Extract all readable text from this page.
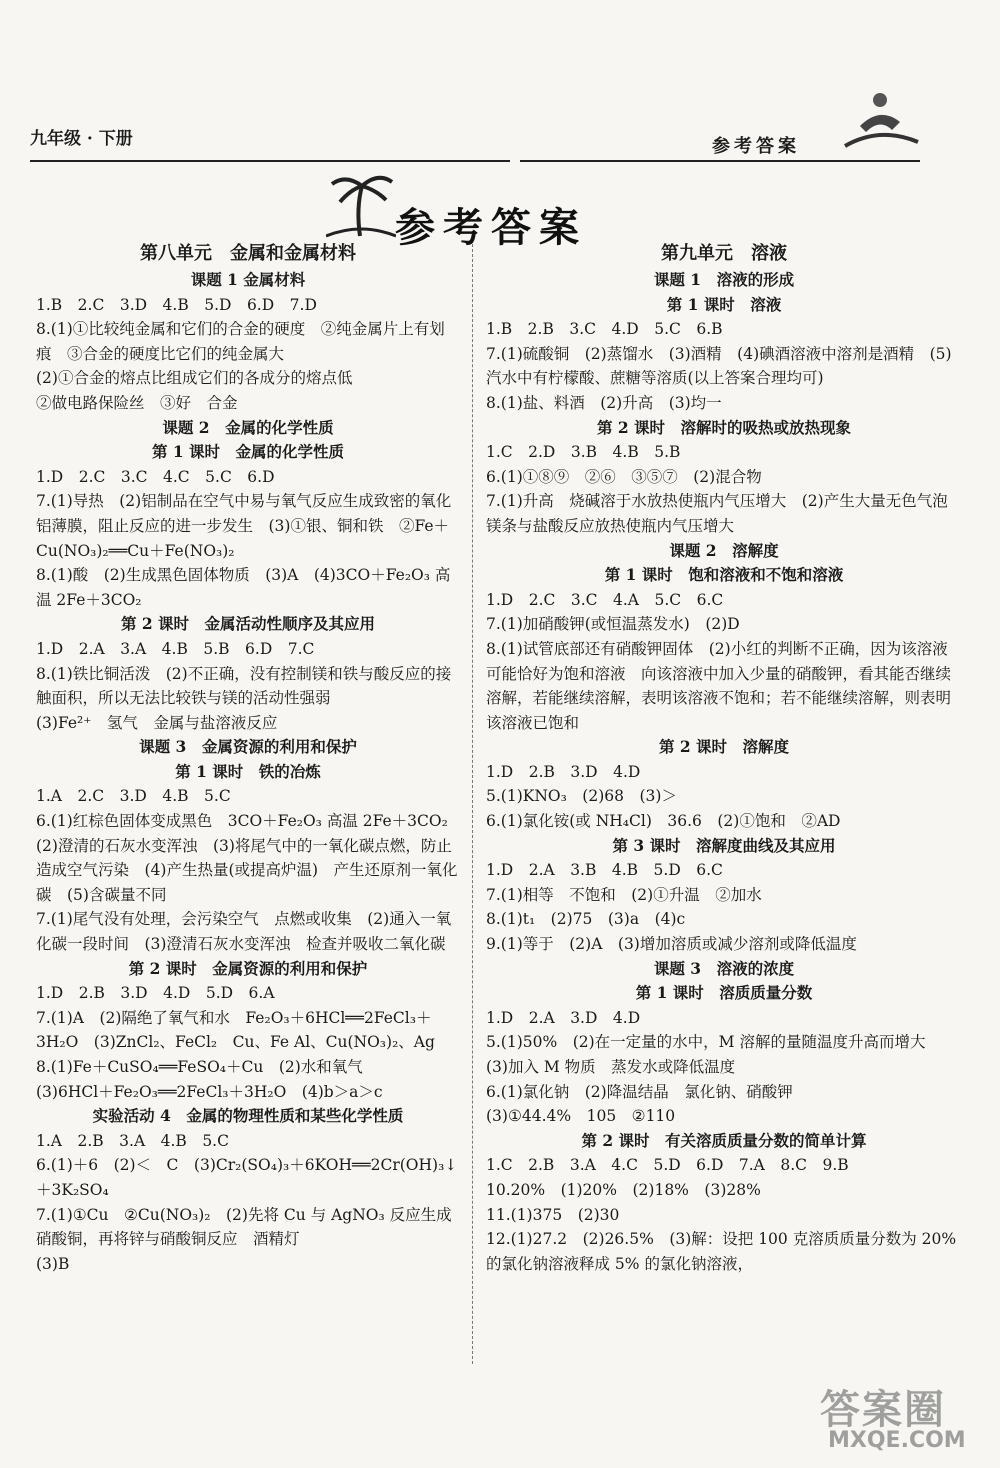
九年级 · 下册	参考答案
参考答案
第八单元　金属和金属材料
课题 1 金属材料
1.B　2.C　3.D　4.B　5.D　6.D　7.D
8.(1)①比较纯金属和它们的合金的硬度　②纯金属片上有划痕　③合金的硬度比它们的纯金属大
(2)①合金的熔点比组成它们的各成分的熔点低
②做电路保险丝　③好　合金
课题 2　金属的化学性质
第 1 课时　金属的化学性质
1.D　2.C　3.C　4.C　5.C　6.D
7.(1)导热　(2)铝制品在空气中易与氧气反应生成致密的氧化铝薄膜，阻止反应的进一步发生　(3)①银、铜和铁　②Fe＋Cu(NO₃)₂══Cu＋Fe(NO₃)₂
8.(1)酸　(2)生成黑色固体物质　(3)A　(4)3CO＋Fe₂O₃ 高温 2Fe＋3CO₂
第 2 课时　金属活动性顺序及其应用
1.D　2.A　3.A　4.B　5.B　6.D　7.C
8.(1)铁比铜活泼　(2)不正确，没有控制镁和铁与酸反应的接触面积，所以无法比较铁与镁的活动性强弱
(3)Fe²⁺　氢气　金属与盐溶液反应
课题 3　金属资源的利用和保护
第 1 课时　铁的冶炼
1.A　2.C　3.D　4.B　5.C
6.(1)红棕色固体变成黑色　3CO＋Fe₂O₃ 高温 2Fe＋3CO₂　(2)澄清的石灰水变浑浊　(3)将尾气中的一氧化碳点燃，防止造成空气污染　(4)产生热量(或提高炉温)　产生还原剂一氧化碳　(5)含碳量不同
7.(1)尾气没有处理，会污染空气　点燃或收集　(2)通入一氧化碳一段时间　(3)澄清石灰水变浑浊　检查并吸收二氧化碳
第 2 课时　金属资源的利用和保护
1.D　2.B　3.D　4.D　5.D　6.A
7.(1)A　(2)隔绝了氧气和水　Fe₂O₃＋6HCl══2FeCl₃＋3H₂O　(3)ZnCl₂、FeCl₂　Cu、Fe Al、Cu(NO₃)₂、Ag
8.(1)Fe＋CuSO₄══FeSO₄＋Cu　(2)水和氧气
(3)6HCl＋Fe₂O₃══2FeCl₃＋3H₂O　(4)b＞a＞c
实验活动 4　金属的物理性质和某些化学性质
1.A　2.B　3.A　4.B　5.C
6.(1)＋6　(2)＜　C　(3)Cr₂(SO₄)₃＋6KOH══2Cr(OH)₃↓＋3K₂SO₄
7.(1)①Cu　②Cu(NO₃)₂　(2)先将 Cu 与 AgNO₃ 反应生成硝酸铜，再将锌与硝酸铜反应　酒精灯
(3)B
第九单元　溶液
课题 1　溶液的形成
第 1 课时　溶液
1.B　2.B　3.C　4.D　5.C　6.B
7.(1)硫酸铜　(2)蒸馏水　(3)酒精　(4)碘酒溶液中溶剂是酒精　(5)汽水中有柠檬酸、蔗糖等溶质(以上答案合理均可)
8.(1)盐、料酒　(2)升高　(3)均一
第 2 课时　溶解时的吸热或放热现象
1.C　2.D　3.B　4.B　5.B
6.(1)①⑧⑨　②⑥　③⑤⑦　(2)混合物
7.(1)升高　烧碱溶于水放热使瓶内气压增大　(2)产生大量无色气泡　镁条与盐酸反应放热使瓶内气压增大
课题 2　溶解度
第 1 课时　饱和溶液和不饱和溶液
1.D　2.C　3.C　4.A　5.C　6.C
7.(1)加硝酸钾(或恒温蒸发水)　(2)D
8.(1)试管底部还有硝酸钾固体　(2)小红的判断不正确，因为该溶液可能恰好为饱和溶液　向该溶液中加入少量的硝酸钾，看其能否继续溶解，若能继续溶解，表明该溶液不饱和；若不能继续溶解，则表明该溶液已饱和
第 2 课时　溶解度
1.D　2.B　3.D　4.D
5.(1)KNO₃　(2)68　(3)＞
6.(1)氯化铵(或 NH₄Cl)　36.6　(2)①饱和　②AD
第 3 课时　溶解度曲线及其应用
1.D　2.A　3.B　4.B　5.D　6.C
7.(1)相等　不饱和　(2)①升温　②加水
8.(1)t₁　(2)75　(3)a　(4)c
9.(1)等于　(2)A　(3)增加溶质或减少溶剂或降低温度
课题 3　溶液的浓度
第 1 课时　溶质质量分数
1.D　2.A　3.D　4.D
5.(1)50%　(2)在一定量的水中，M 溶解的量随温度升高而增大　(3)加入 M 物质　蒸发水或降低温度
6.(1)氯化钠　(2)降温结晶　氯化钠、硝酸钾
(3)①44.4%　105　②110
第 2 课时　有关溶质质量分数的简单计算
1.C　2.B　3.A　4.C　5.D　6.D　7.A　8.C　9.B
10.20%　(1)20%　(2)18%　(3)28%
11.(1)375　(2)30
12.(1)27.2　(2)26.5%　(3)解：设把 100 克溶质质量分数为 20% 的氯化钠溶液释成 5% 的氯化钠溶液，
答案圈
MXQE.COM
